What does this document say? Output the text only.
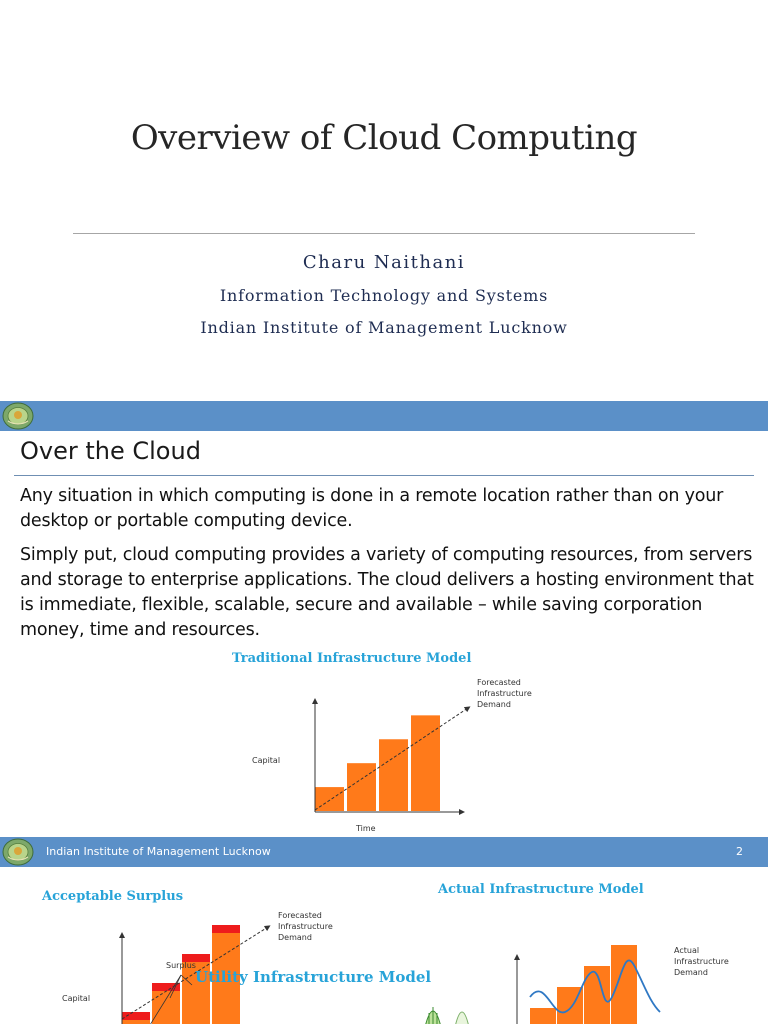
Overview of Cloud Computing
Charu Naithani
Information Technology and Systems
Indian Institute of Management Lucknow
Over the Cloud
Any situation in which computing is done in a remote location rather than on your desktop or portable computing device.
Simply put, cloud computing provides a variety of computing resources, from servers and storage to enterprise applications. The cloud delivers a hosting environment that is immediate, flexible, scalable, secure and available – while saving corporation money, time and resources.
Traditional Infrastructure Model
Capital
Time
Forecasted
Infrastructure
Demand
Indian Institute of Management Lucknow	2
Surplus
Capital
Forecasted
Infrastructure
Demand
Actual
Infrastructure
Demand
Acceptable Surplus	Actual Infrastructure Model
Utility Infrastructure Model
